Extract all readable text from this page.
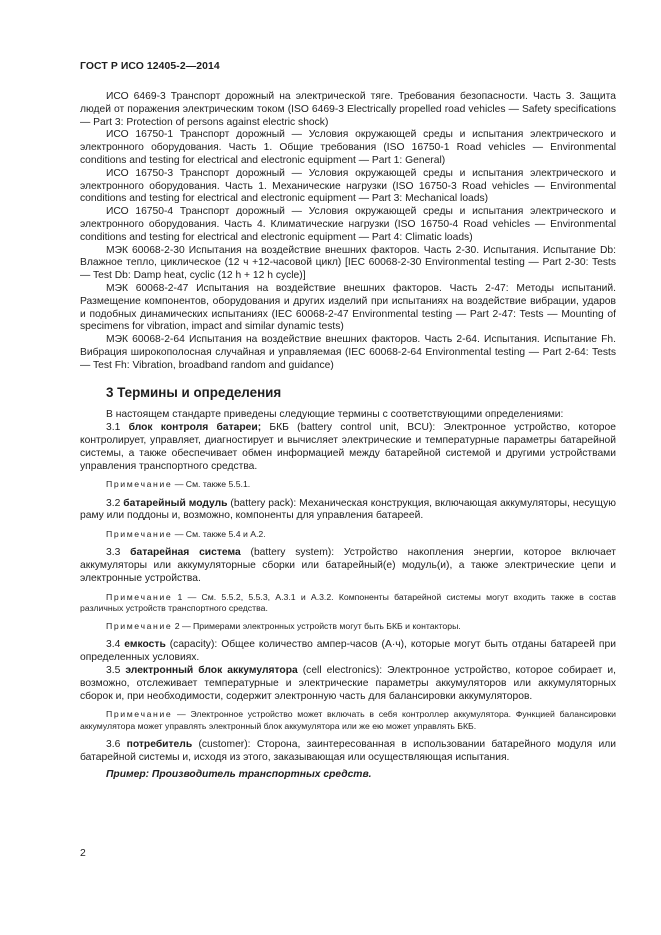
ГОСТ Р ИСО 12405-2—2014

ИСО 6469-3 Транспорт дорожный на электрической тяге. Требования безопасности. Часть 3. Защита людей от поражения электрическим током (ISO 6469-3 Electrically propelled road vehicles — Safety specifications — Part 3: Protection of persons against electric shock)

ИСО 16750-1 Транспорт дорожный — Условия окружающей среды и испытания электрического и электронного оборудования. Часть 1. Общие требования (ISO 16750-1 Road vehicles — Environmental conditions and testing for electrical and electronic equipment — Part 1: General)

ИСО 16750-3 Транспорт дорожный — Условия окружающей среды и испытания электрического и электронного оборудования. Часть 1. Механические нагрузки (ISO 16750-3 Road vehicles — Environmental conditions and testing for electrical and electronic equipment — Part 3: Mechanical loads)

ИСО 16750-4 Транспорт дорожный — Условия окружающей среды и испытания электрического и электронного оборудования. Часть 4. Климатические нагрузки (ISO 16750-4 Road vehicles — Environmental conditions and testing for electrical and electronic equipment — Part 4: Climatic loads)

МЭК 60068-2-30 Испытания на воздействие внешних факторов. Часть 2-30. Испытания. Испытание Db: Влажное тепло, циклическое (12 ч +12-часовой цикл) [IEC 60068-2-30 Environmental testing — Part 2-30: Tests — Test Db: Damp heat, cyclic (12 h + 12 h cycle)]

МЭК 60068-2-47 Испытания на воздействие внешних факторов. Часть 2-47: Методы испытаний. Размещение компонентов, оборудования и других изделий при испытаниях на воздействие вибрации, ударов и подобных динамических испытаниях (IEC 60068-2-47 Environmental testing — Part 2-47: Tests — Mounting of specimens for vibration, impact and similar dynamic tests)

МЭК 60068-2-64 Испытания на воздействие внешних факторов. Часть 2-64. Испытания. Испытание Fh. Вибрация широкополосная случайная и управляемая (IEC 60068-2-64 Environmental testing — Part 2-64: Tests — Test Fh: Vibration, broadband random and guidance)

3 Термины и определения

В настоящем стандарте приведены следующие термины с соответствующими определениями:

3.1 блок контроля батареи; БКБ (battery control unit, BCU): Электронное устройство, которое контролирует, управляет, диагностирует и вычисляет электрические и температурные параметры батарейной системы, а также обеспечивает обмен информацией между батарейной системой и другими устройствами управления транспортного средства.

Примечание — См. также 5.5.1.

3.2 батарейный модуль (battery pack): Механическая конструкция, включающая аккумуляторы, несущую раму или поддоны и, возможно, компоненты для управления батареей.

Примечание — См. также 5.4 и А.2.

3.3 батарейная система (battery system): Устройство накопления энергии, которое включает аккумуляторы или аккумуляторные сборки или батарейный(е) модуль(и), а также электрические цепи и электронные устройства.

Примечание 1 — См. 5.5.2, 5.5.3, А.3.1 и А.3.2. Компоненты батарейной системы могут входить также в состав различных устройств транспортного средства.

Примечание 2 — Примерами электронных устройств могут быть БКБ и контакторы.

3.4 емкость (capacity): Общее количество ампер-часов (А·ч), которые могут быть отданы батареей при определенных условиях.

3.5 электронный блок аккумулятора (cell electronics): Электронное устройство, которое собирает и, возможно, отслеживает температурные и электрические параметры аккумуляторов или аккумуляторных сборок и, при необходимости, содержит электронную часть для балансировки аккумуляторов.

Примечание — Электронное устройство может включать в себя контроллер аккумулятора. Функцией балансировки аккумулятора может управлять электронный блок аккумулятора или же ею может управлять БКБ.

3.6 потребитель (customer): Сторона, заинтересованная в использовании батарейного модуля или батарейной системы и, исходя из этого, заказывающая или осуществляющая испытания.

Пример: Производитель транспортных средств.

2
